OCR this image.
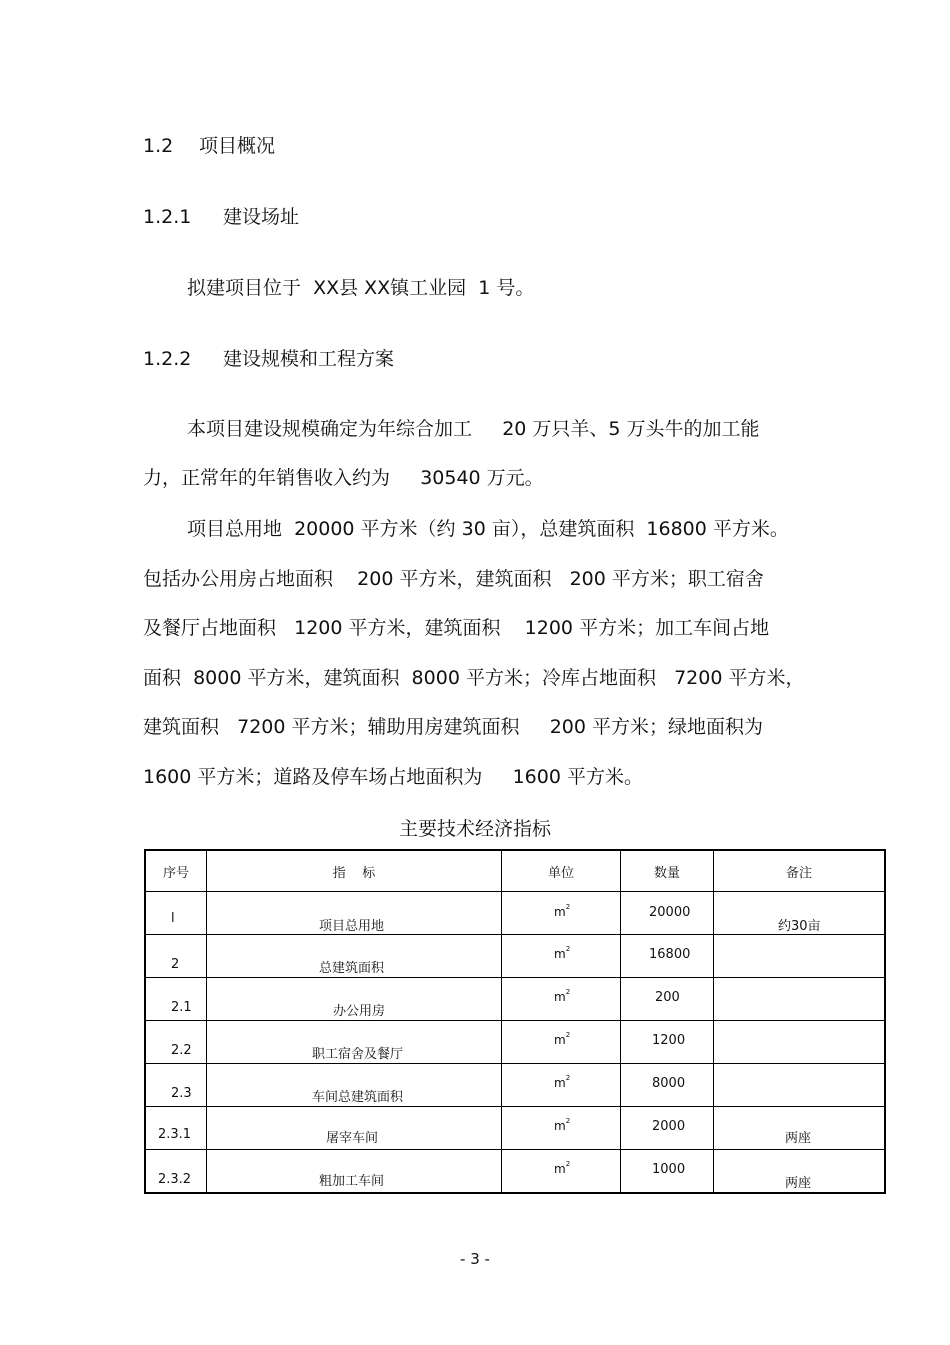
1.2 项目概况
1.2.1 建设场址
拟建项目位于  XX县 XX镇工业园  1 号。
1.2.2 建设规模和工程方案
本项目建设规模确定为年综合加工     20 万只羊、5 万头牛的加工能
力，正常年的年销售收入约为     30540 万元。
项目总用地  20000 平方米（约 30 亩），总建筑面积  16800 平方米。
包括办公用房占地面积    200 平方米，建筑面积   200 平方米；职工宿舍
及餐厅占地面积   1200 平方米，建筑面积    1200 平方米；加工车间占地
面积  8000 平方米，建筑面积  8000 平方米；冷库占地面积   7200 平方米，
建筑面积   7200 平方米；辅助用房建筑面积     200 平方米；绿地面积为
1600 平方米；道路及停车场占地面积为     1600 平方米。
主要技术经济指标
序号	指    标	单位	数量	备注

l	项目总用地	$m^2$	20000	约30亩

2	总建筑面积	$m^2$	16800	

2.1	办公用房	$m^2$	200	

2.2	职工宿舍及餐厅	$m^2$	1200	

2.3	车间总建筑面积	$m^2$	8000	

2.3.1	屠宰车间	$m^2$	2000	两座

2.3.2	粗加工车间	$m^2$	1000	两座
- 3 -
